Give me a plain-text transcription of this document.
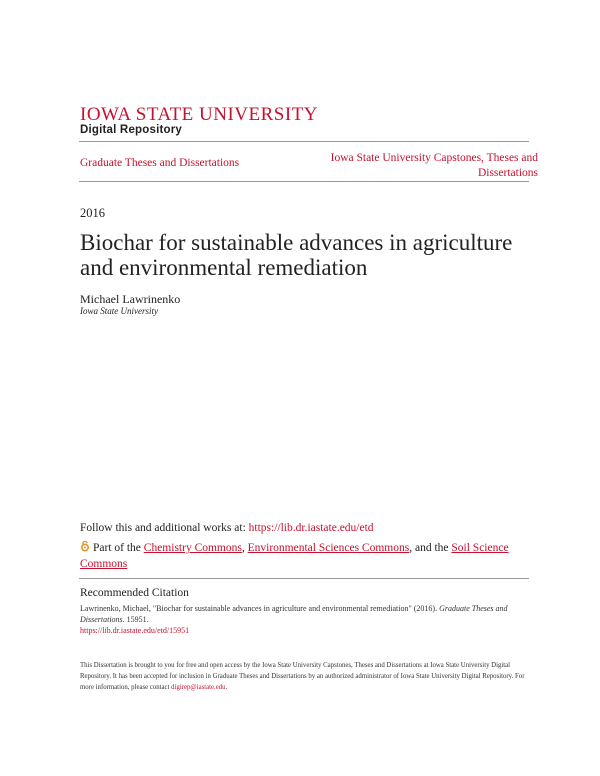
IOWA STATE UNIVERSITY
Digital Repository
Graduate Theses and Dissertations	Iowa State University Capstones, Theses and Dissertations
2016
Biochar for sustainable advances in agriculture and environmental remediation
Michael Lawrinenko
Iowa State University
Follow this and additional works at: https://lib.dr.iastate.edu/etd
Part of the Chemistry Commons, Environmental Sciences Commons, and the Soil Science Commons
Recommended Citation
Lawrinenko, Michael, "Biochar for sustainable advances in agriculture and environmental remediation" (2016). Graduate Theses and Dissertations. 15951.
https://lib.dr.iastate.edu/etd/15951
This Dissertation is brought to you for free and open access by the Iowa State University Capstones, Theses and Dissertations at Iowa State University Digital Repository. It has been accepted for inclusion in Graduate Theses and Dissertations by an authorized administrator of Iowa State University Digital Repository. For more information, please contact digirep@iastate.edu.
